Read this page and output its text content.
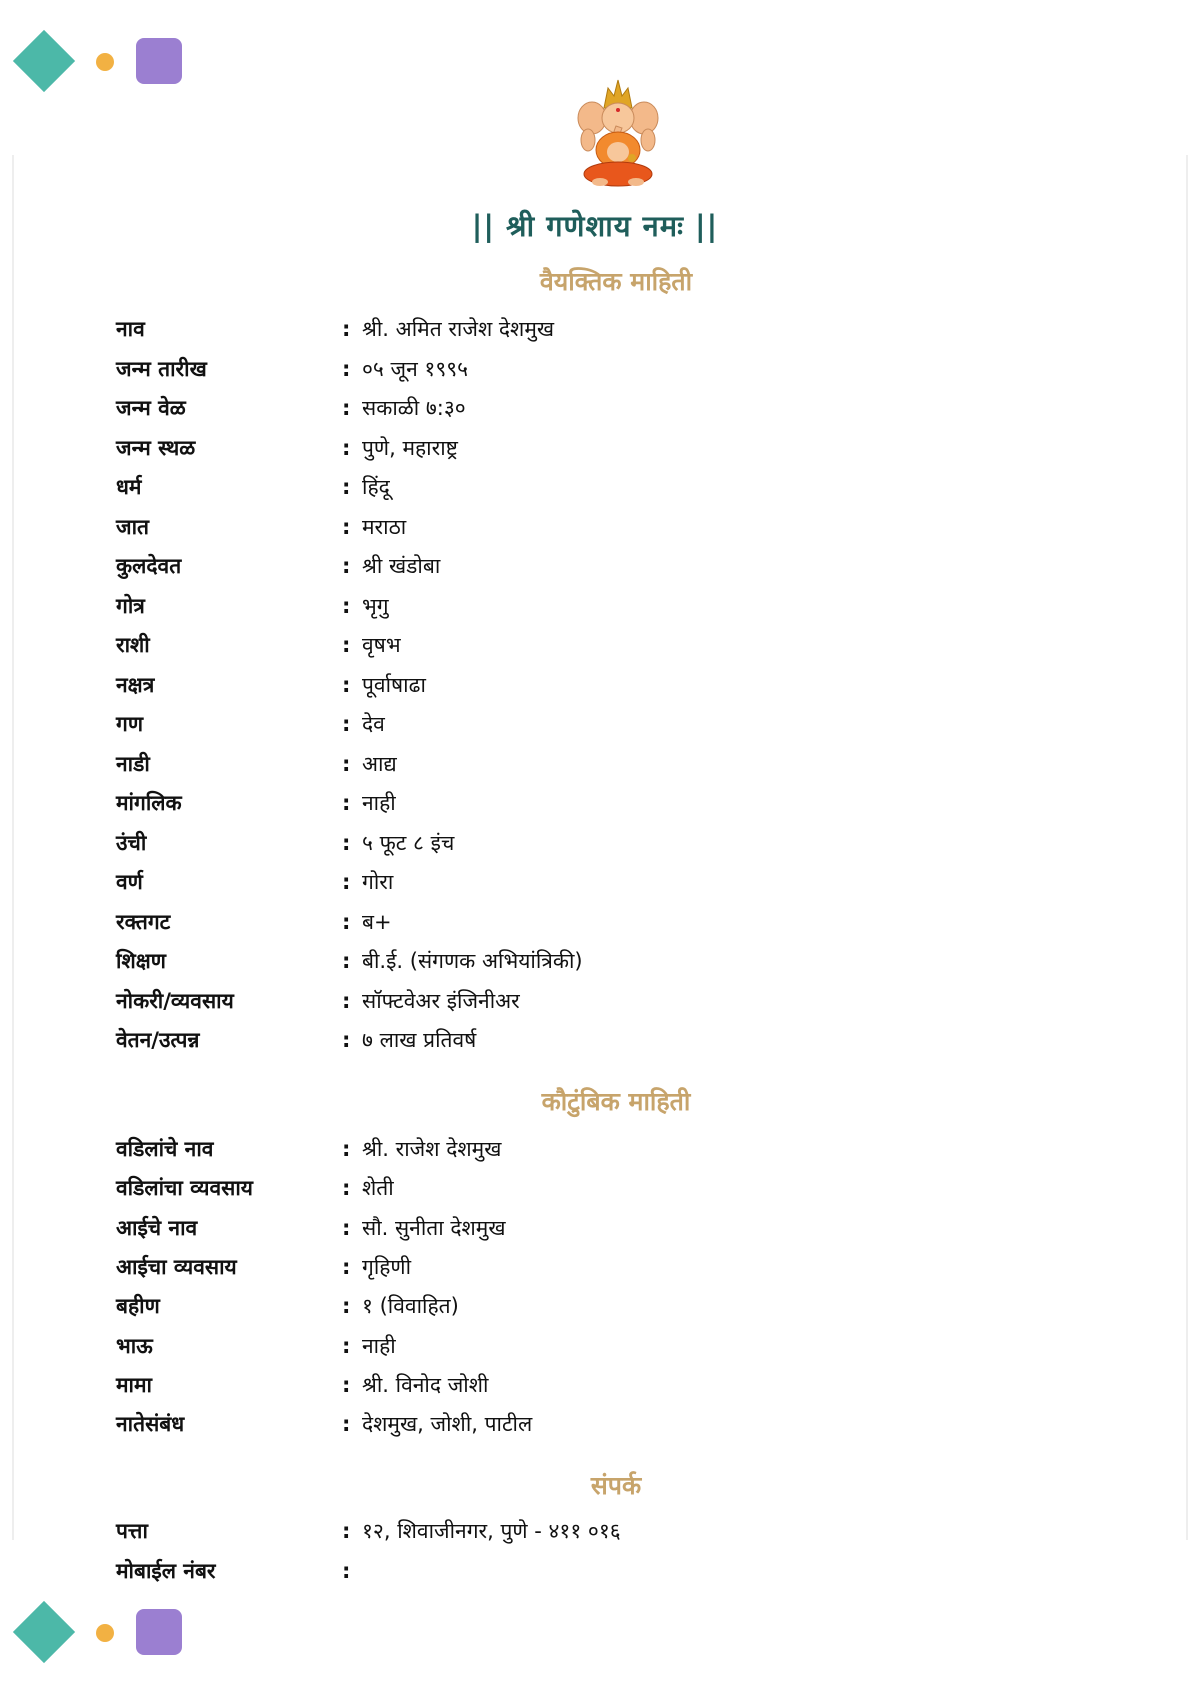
|| श्री गणेशाय नमः ||
वैयक्तिक माहिती
नाव	: श्री. अमित राजेश देशमुख
जन्म तारीख	: ०५ जून १९९५
जन्म वेळ	: सकाळी ७:३०
जन्म स्थळ	: पुणे, महाराष्ट्र
धर्म	: हिंदू
जात	: मराठा
कुलदेवत	: श्री खंडोबा
गोत्र	: भृगु
राशी	: वृषभ
नक्षत्र	: पूर्वाषाढा
गण	: देव
नाडी	: आद्य
मांगलिक	: नाही
उंची	: ५ फूट ८ इंच
वर्ण	: गोरा
रक्तगट	: ब+
शिक्षण	: बी.ई. (संगणक अभियांत्रिकी)
नोकरी/व्यवसाय	: सॉफ्टवेअर इंजिनीअर
वेतन/उत्पन्न	: ७ लाख प्रतिवर्ष
कौटुंबिक माहिती
वडिलांचे नाव	: श्री. राजेश देशमुख
वडिलांचा व्यवसाय	: शेती
आईचे नाव	: सौ. सुनीता देशमुख
आईचा व्यवसाय	: गृहिणी
बहीण	: १ (विवाहित)
भाऊ	: नाही
मामा	: श्री. विनोद जोशी
नातेसंबंध	: देशमुख, जोशी, पाटील
संपर्क
पत्ता	: १२, शिवाजीनगर, पुणे - ४११ ०१६
मोबाईल नंबर	:
